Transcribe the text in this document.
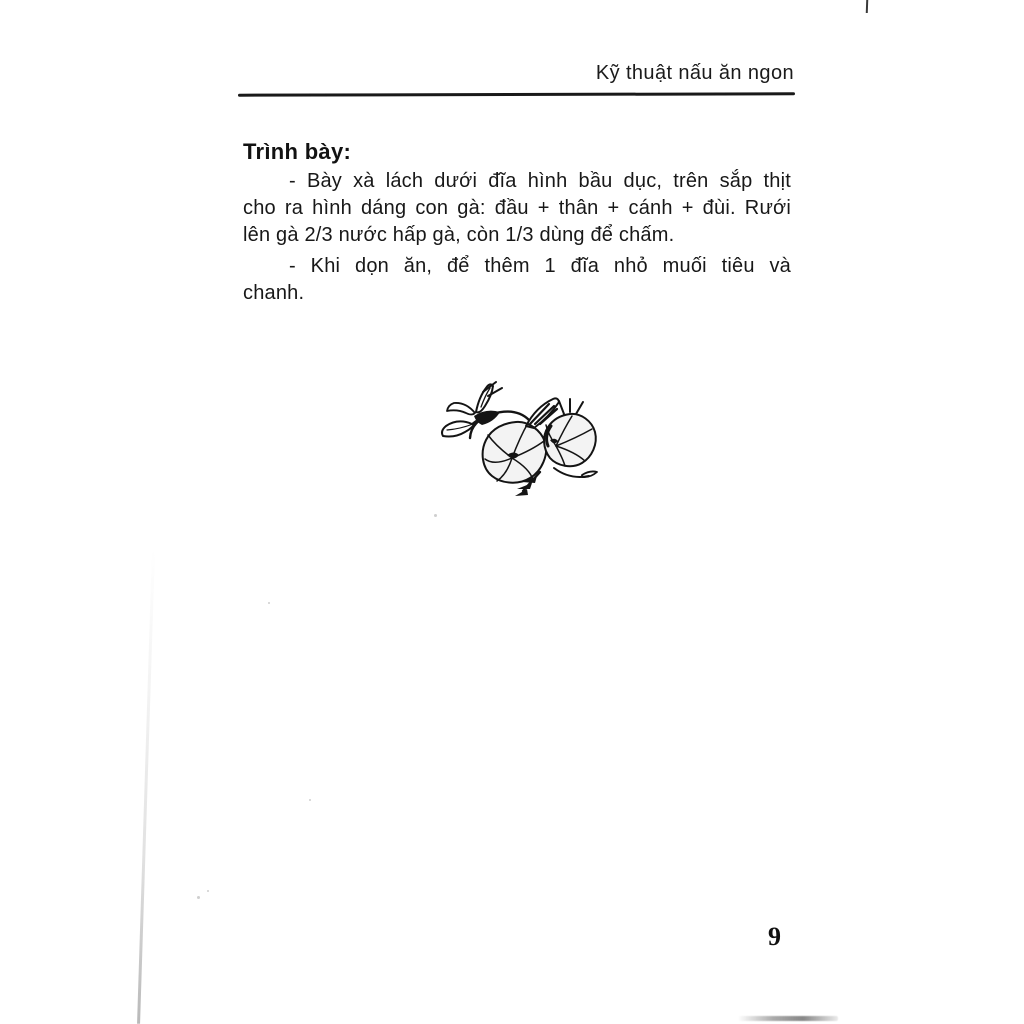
Kỹ thuật nấu ăn ngon
Trình bày:
- Bày xà lách dưới đĩa hình bầu dục, trên sắp thịt
cho ra hình dáng con gà: đầu + thân + cánh + đùi. Rưới
lên gà 2/3 nước hấp gà, còn 1/3 dùng để chấm.
- Khi dọn ăn, để thêm 1 đĩa nhỏ muối tiêu và
chanh.
9
